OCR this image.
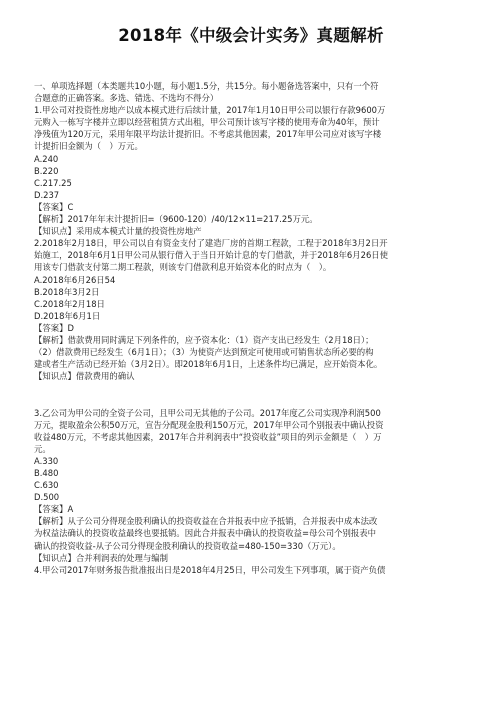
2018年《中级会计实务》真题解析
一、单项选择题（本类题共10小题，每小题1.5分，共15分。每小题备选答案中，只有一个符
合题意的正确答案。多选、错选、不选均不得分）
1.甲公司对投资性房地产以成本模式进行后续计量，2017年1月10日甲公司以银行存款9600万
元购入一栋写字楼并立即以经营租赁方式出租，甲公司预计该写字楼的使用寿命为40年，预计
净残值为120万元，采用年限平均法计提折旧。不考虑其他因素，2017年甲公司应对该写字楼
计提折旧金额为（　）万元。
A.240
B.220
C.217.25
D.237
【答案】C
【解析】2017年年末计提折旧=（9600-120）/40/12×11=217.25万元。
【知识点】采用成本模式计量的投资性房地产
2.2018年2月18日，甲公司以自有资金支付了建造厂房的首期工程款，工程于2018年3月2日开
始施工，2018年6月1日甲公司从银行借入于当日开始计息的专门借款，并于2018年6月26日使
用该专门借款支付第二期工程款，则该专门借款利息开始资本化的时点为（　）。
A.2018年6月26日54
B.2018年3月2日
C.2018年2月18日
D.2018年6月1日
【答案】D
【解析】借款费用同时满足下列条件的，应予资本化：（1）资产支出已经发生（2月18日）；
（2）借款费用已经发生（6月1日）；（3）为使资产达到预定可使用或可销售状态所必要的构
建或者生产活动已经开始（3月2日）。即2018年6月1日，上述条件均已满足，应开始资本化。
【知识点】借款费用的确认
3.乙公司为甲公司的全资子公司，且甲公司无其他的子公司。2017年度乙公司实现净利润500
万元，提取盈余公积50万元，宣告分配现金股利150万元，2017年甲公司个别报表中确认投资
收益480万元，不考虑其他因素，2017年合并利润表中“投资收益”项目的列示金额是（　）万
元。
A.330
B.480
C.630
D.500
【答案】A
【解析】从子公司分得现金股利确认的投资收益在合并报表中应予抵销，合并报表中成本法改
为权益法确认的投资收益最终也要抵销。因此合并报表中确认的投资收益=母公司个别报表中
确认的投资收益-从子公司分得现金股利确认的投资收益=480-150=330（万元）。
【知识点】合并利润表的处理与编制
4.甲公司2017年财务报告批准报出日是2018年4月25日，甲公司发生下列事项，属于资产负债
